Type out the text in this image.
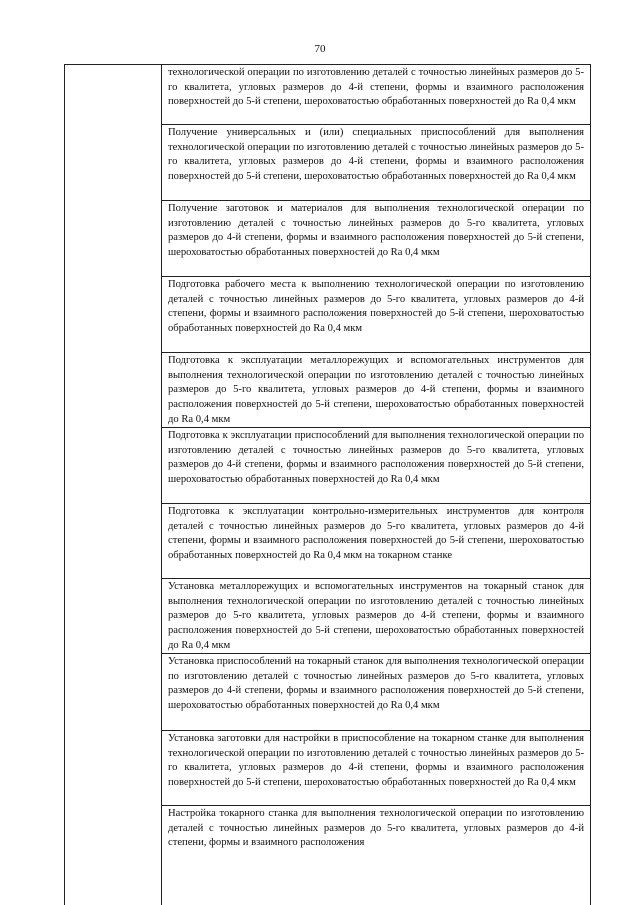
70
технологической операции по изготовлению деталей с точностью линейных размеров до 5-го квалитета, угловых размеров до 4-й степени, формы и взаимного расположения поверхностей до 5-й степени, шероховатостью обработанных поверхностей до Ra 0,4 мкм
Получение универсальных и (или) специальных приспособлений для выполнения технологической операции по изготовлению деталей с точностью линейных размеров до 5-го квалитета, угловых размеров до 4-й степени, формы и взаимного расположения поверхностей до 5-й степени, шероховатостью обработанных поверхностей до Ra 0,4 мкм
Получение заготовок и материалов для выполнения технологической операции по изготовлению деталей с точностью линейных размеров до 5-го квалитета, угловых размеров до 4-й степени, формы и взаимного расположения поверхностей до 5-й степени, шероховатостью обработанных поверхностей до Ra 0,4 мкм
Подготовка рабочего места к выполнению технологической операции по изготовлению деталей с точностью линейных размеров до 5-го квалитета, угловых размеров до 4-й степени, формы и взаимного расположения поверхностей до 5-й степени, шероховатостью обработанных поверхностей до Ra 0,4 мкм
Подготовка к эксплуатации металлорежущих и вспомогательных инструментов для выполнения технологической операции по изготовлению деталей с точностью линейных размеров до 5-го квалитета, угловых размеров до 4-й степени, формы и взаимного расположения поверхностей до 5-й степени, шероховатостью обработанных поверхностей до Ra 0,4 мкм
Подготовка к эксплуатации приспособлений для выполнения технологической операции по изготовлению деталей с точностью линейных размеров до 5-го квалитета, угловых размеров до 4-й степени, формы и взаимного расположения поверхностей до 5-й степени, шероховатостью обработанных поверхностей до Ra 0,4 мкм
Подготовка к эксплуатации контрольно-измерительных инструментов для контроля деталей с точностью линейных размеров до 5-го квалитета, угловых размеров до 4-й степени, формы и взаимного расположения поверхностей до 5-й степени, шероховатостью обработанных поверхностей до Ra 0,4 мкм на токарном станке
Установка металлорежущих и вспомогательных инструментов на токарный станок для выполнения технологической операции по изготовлению деталей с точностью линейных размеров до 5-го квалитета, угловых размеров до 4-й степени, формы и взаимного расположения поверхностей до 5-й степени, шероховатостью обработанных поверхностей до Ra 0,4 мкм
Установка приспособлений на токарный станок для выполнения технологической операции по изготовлению деталей с точностью линейных размеров до 5-го квалитета, угловых размеров до 4-й степени, формы и взаимного расположения поверхностей до 5-й степени, шероховатостью обработанных поверхностей до Ra 0,4 мкм
Установка заготовки для настройки в приспособление на токарном станке для выполнения технологической операции по изготовлению деталей с точностью линейных размеров до 5-го квалитета, угловых размеров до 4-й степени, формы и взаимного расположения поверхностей до 5-й степени, шероховатостью обработанных поверхностей до Ra 0,4 мкм
Настройка токарного станка для выполнения технологической операции по изготовлению деталей с точностью линейных размеров до 5-го квалитета, угловых размеров до 4-й степени, формы и взаимного расположения
